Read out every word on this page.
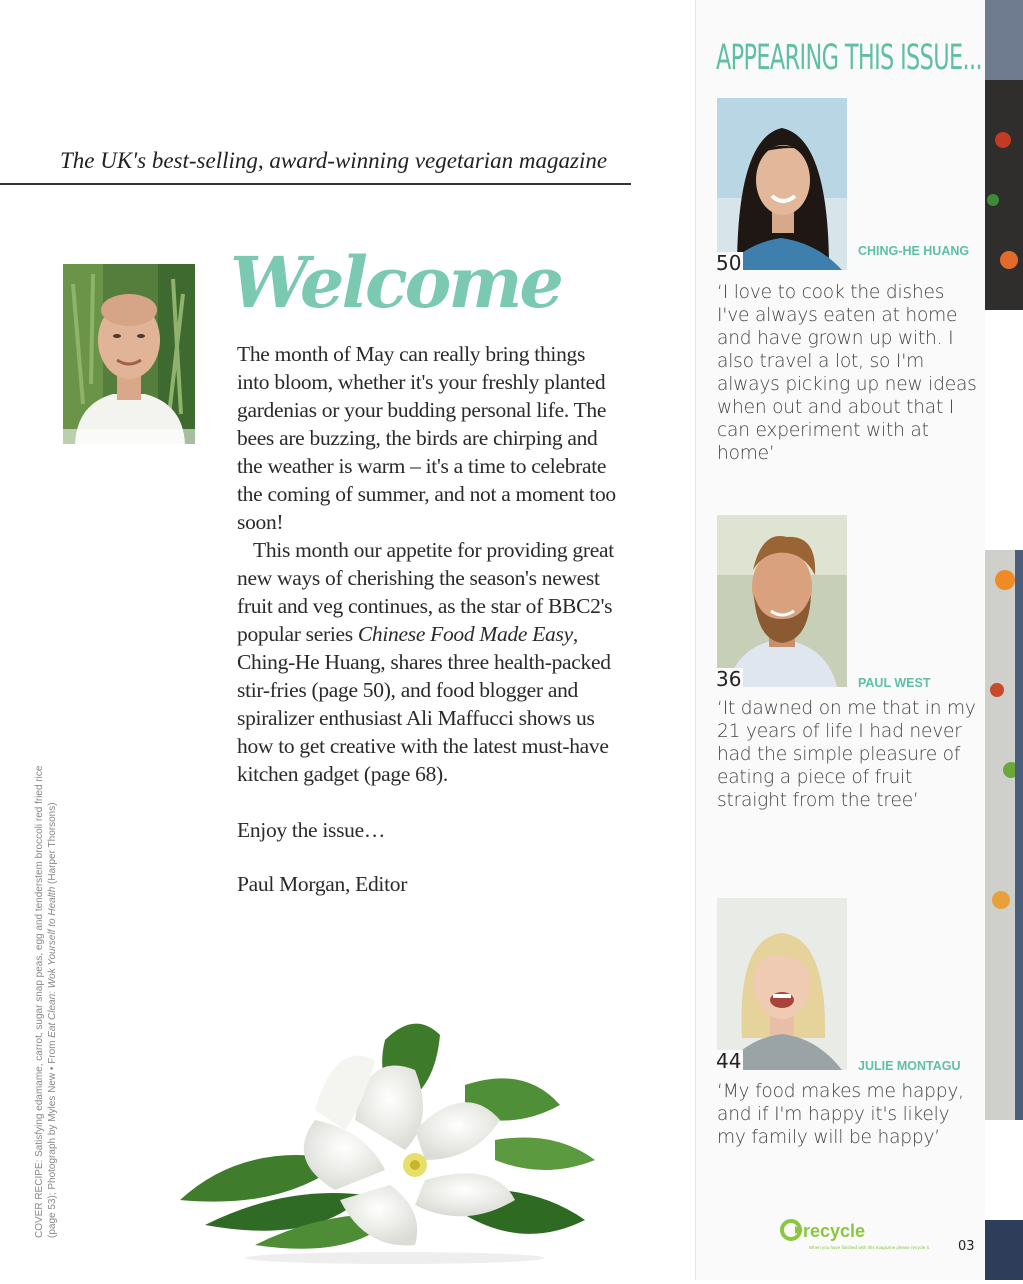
The UK's best-selling, award-winning vegetarian magazine
Welcome

The month of May can really bring things into bloom, whether it's your freshly planted gardenias or your budding personal life. The bees are buzzing, the birds are chirping and the weather is warm – it's a time to celebrate the coming of summer, and not a moment too soon!

This month our appetite for providing great new ways of cherishing the season's newest fruit and veg continues, as the star of BBC2's popular series Chinese Food Made Easy, Ching-He Huang, shares three health-packed stir-fries (page 50), and food blogger and spiralizer enthusiast Ali Maffucci shows us how to get creative with the latest must-have kitchen gadget (page 68).

Enjoy the issue…

Paul Morgan, Editor

COVER RECIPE: Satisfying edamame, carrot, sugar snap peas, egg and tenderstem broccoli red fried rice (page 53); Photograph by Myles New • From Eat Clean: Wok Yourself to Health (Harper Thorsons)
APPEARING THIS ISSUE...
50	CHING-HE HUANG
‘I love to cook the dishes I've always eaten at home and have grown up with. I also travel a lot, so I'm always picking up new ideas when out and about that I can experiment with at home’
36	PAUL WEST
‘It dawned on me that in my 21 years of life I had never had the simple pleasure of eating a piece of fruit straight from the tree’
44	JULIE MONTAGU
‘My food makes me happy, and if I'm happy it's likely my family will be happy’
recycle
When you have finished with this magazine please recycle it. 03
